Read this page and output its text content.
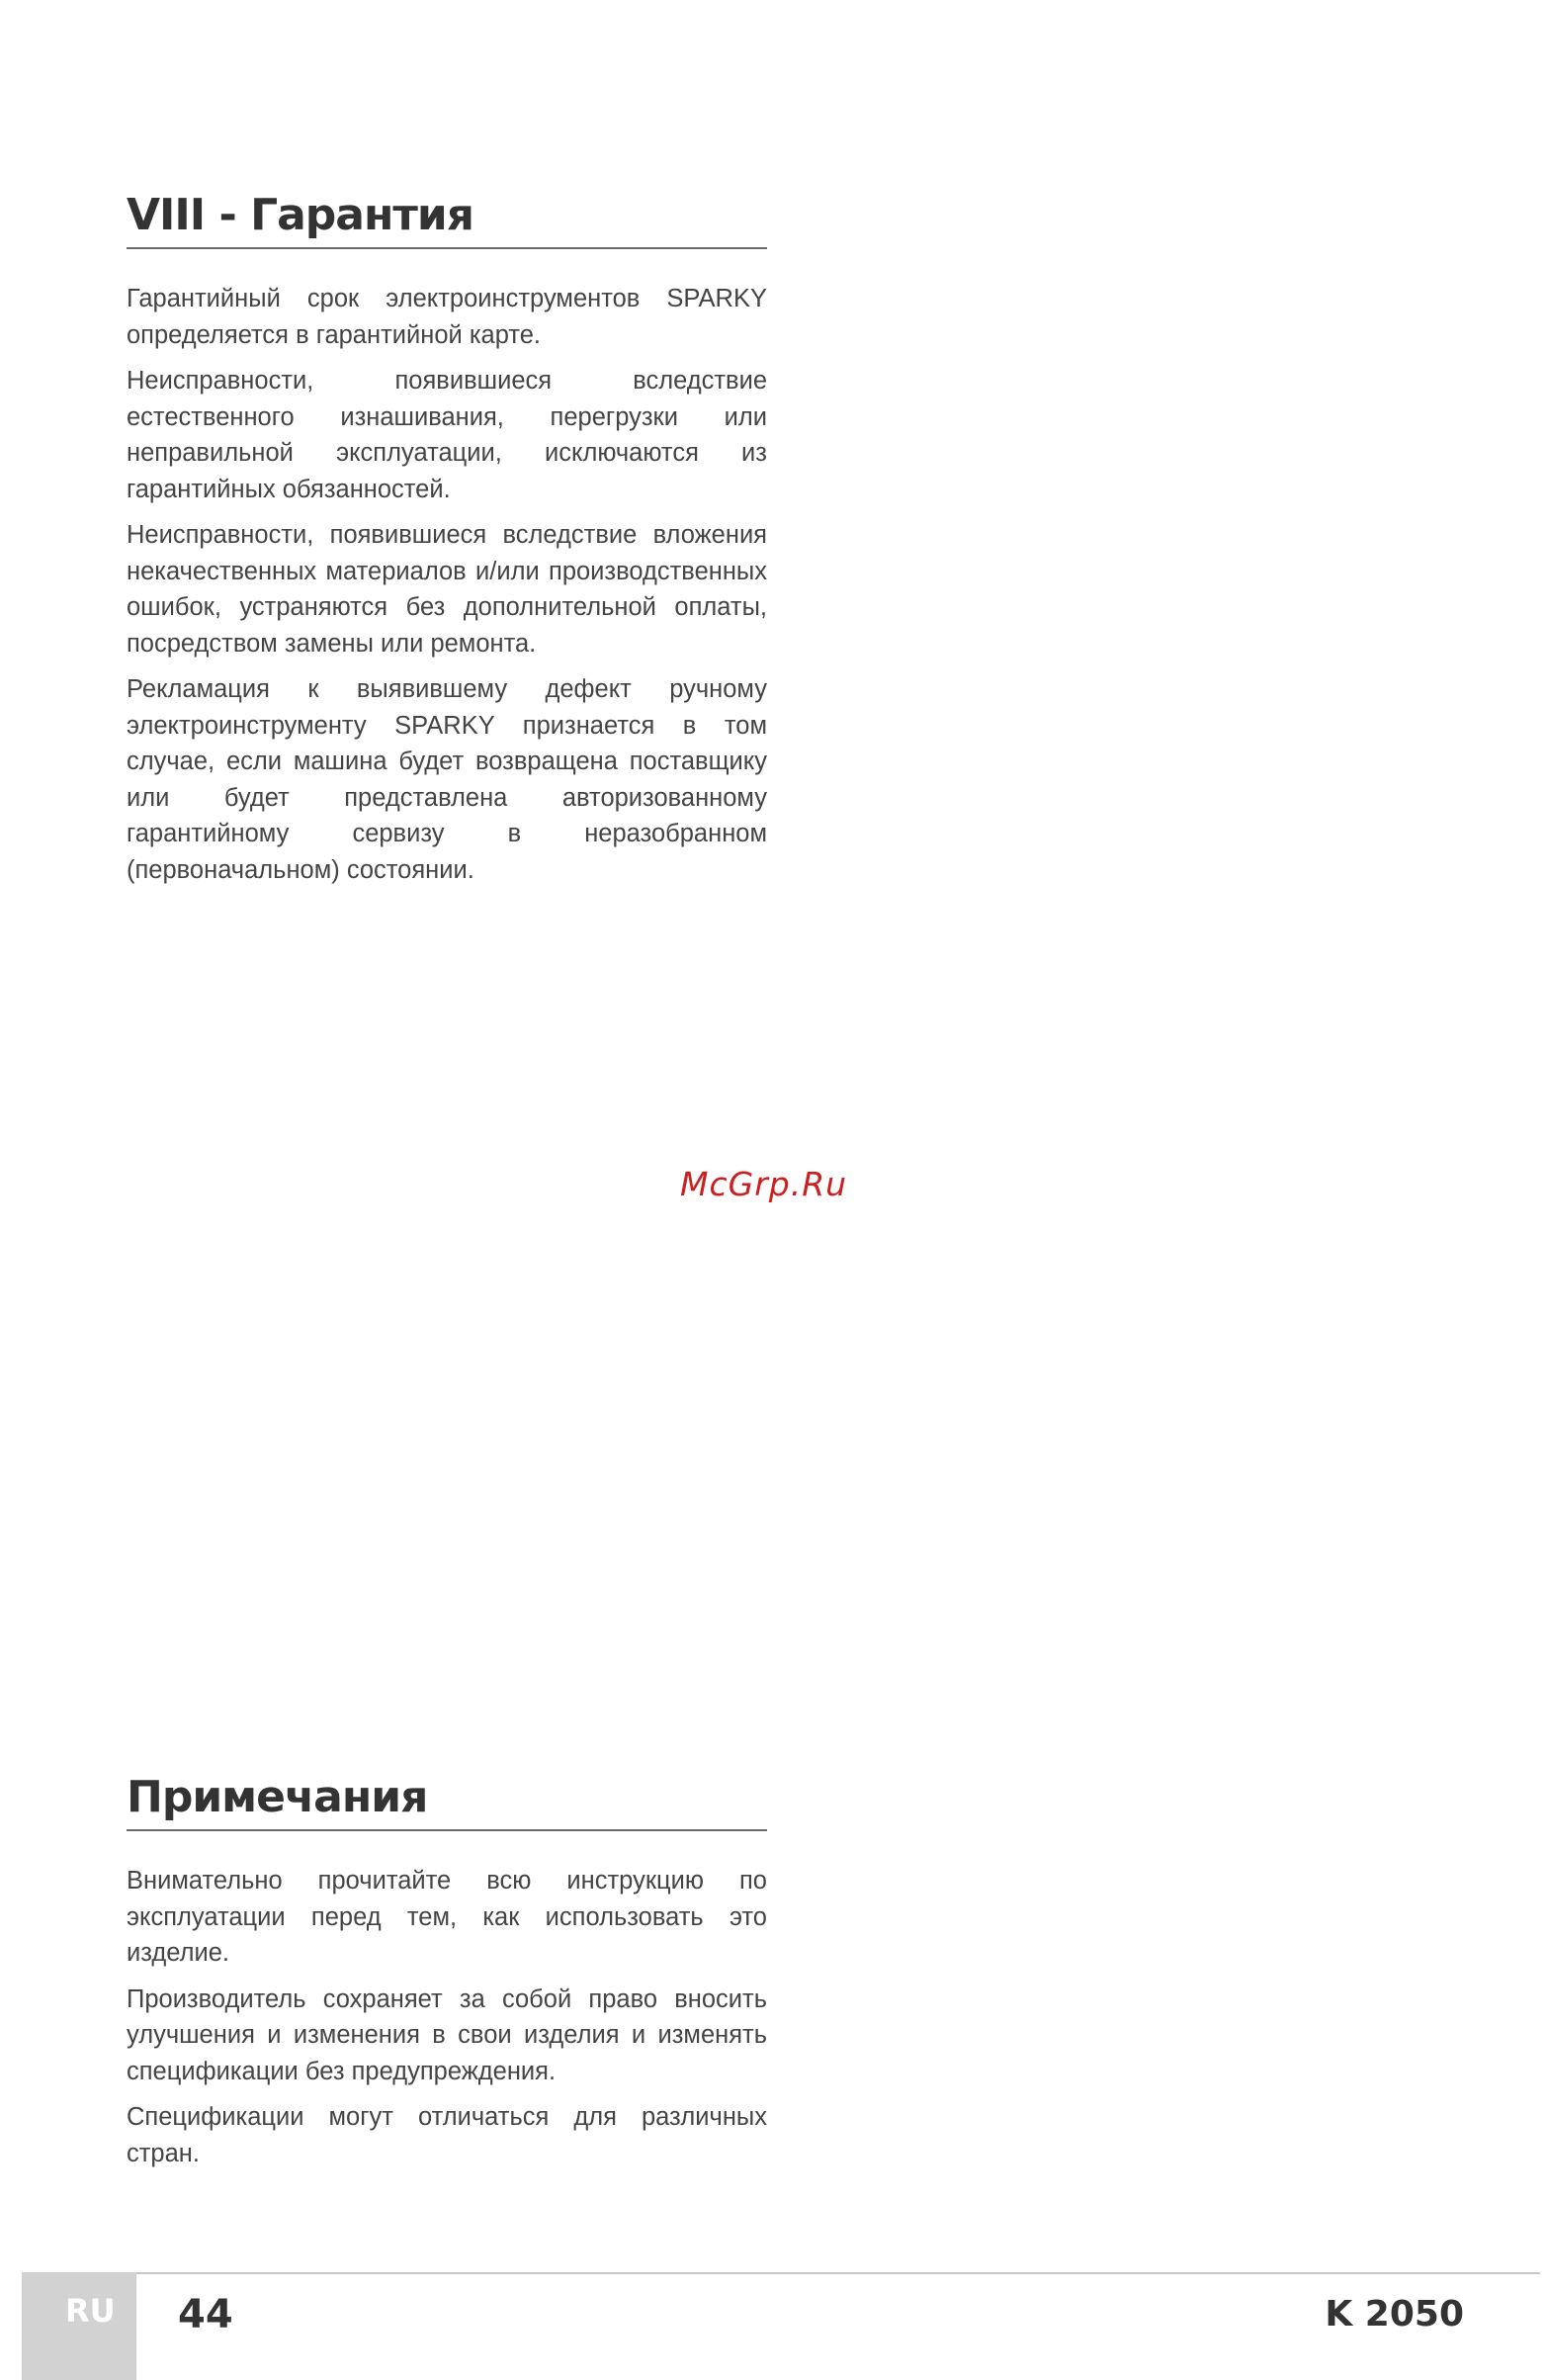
VIII - Гарантия

Гарантийный срок электроинструментов SPARKY определяется в гарантийной карте.

Неисправности, появившиеся вследствие естественного изнашивания, перегрузки или неправильной эксплуатации, исключаются из гарантийных обязанностей.

Неисправности, появившиеся вследствие вложения некачественных материалов и/или производственных ошибок, устраняются без дополнительной оплаты, посредством замены или ремонта.

Рекламация к выявившему дефект ручному электроинструменту SPARKY признается в том случае, если машина будет возвращена поставщику или будет представлена авторизованному гарантийному сервизу в неразобранном (первоначальном) состоянии.

McGrp.Ru
Примечания

Внимательно прочитайте всю инструкцию по эксплуатации перед тем, как использовать это изделие.

Производитель сохраняет за собой право вносить улучшения и изменения в свои изделия и изменять спецификации без предупреждения.

Спецификации могут отличаться для различных стран.

RU 44	K 2050
